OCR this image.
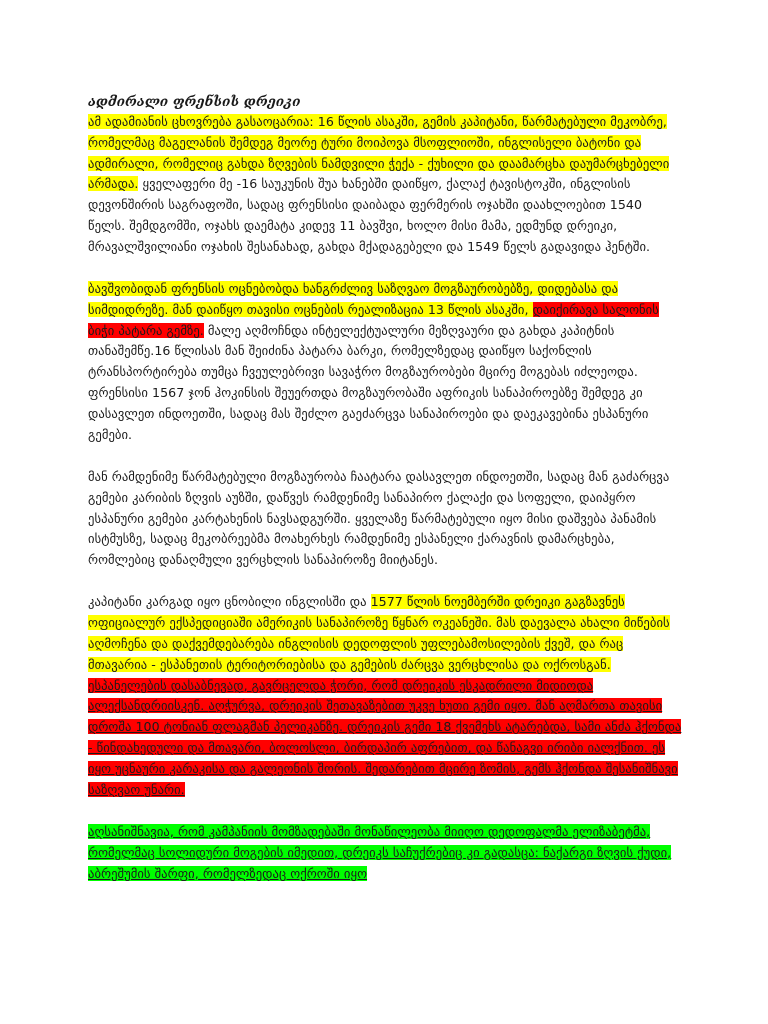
ადმირალი ფრენსის დრეიკი

ამ ადამიანის ცხოვრება გასაოცარია: 16 წლის ასაკში, გემის კაპიტანი, წარმატებული მეკობრე, რომელმაც მაგელანის შემდეგ მეორე ტური მოიპოვა მსოფლიოში, ინგლისელი ბატონი და ადმირალი, რომელიც გახდა ზღვების ნამდვილი ჭექა - ქუხილი და დაამარცხა დაუმარცხებელი არმადა. ყველაფერი მე -16 საუკუნის შუა ხანებში დაიწყო, ქალაქ ტავისტოკში, ინგლისის დევონშირის საგრაფოში, სადაც ფრენსისი დაიბადა ფერმერის ოჯახში დაახლოებით 1540 წელს. შემდგომში, ოჯახს დაემატა კიდევ 11 ბავშვი, ხოლო მისი მამა, ედმუნდ დრეიკი, მრავალშვილიანი ოჯახის შესანახად, გახდა მქადაგებელი და 1549 წელს გადავიდა ჰენტში.

ბავშვობიდან ფრენსის ოცნებობდა ხანგრძლივ საზღვაო მოგზაურობებზე, დიდებასა და სიმდიდრეზე. მან დაიწყო თავისი ოცნების რეალიზაცია 13 წლის ასაკში, დაიქირავა სალონის ბიჭი პატარა გემზე. მალე აღმოჩნდა ინტელექტუალური მეზღვაური და გახდა კაპიტნის თანაშემწე.16 წლისას მან შეიძინა პატარა ბარკი, რომელზედაც დაიწყო საქონლის ტრანსპორტირება თუმცა ჩვეულებრივი სავაჭრო მოგზაურობები მცირე მოგებას იძლეოდა. ფრენსისი 1567 ჯონ ჰოკინსის შეუერთდა მოგზაურობაში აფრიკის სანაპიროებზე შემდეგ კი დასავლეთ ინდოეთში, სადაც მას შეძლო გაეძარცვა სანაპიროები და დაეკავებინა ესპანური გემები.

მან რამდენიმე წარმატებული მოგზაურობა ჩაატარა დასავლეთ ინდოეთში, სადაც მან გაძარცვა გემები კარიბის ზღვის აუზში, დაწვეს რამდენიმე სანაპირო ქალაქი და სოფელი, დაიპყრო ესპანური გემები კარტახენის ნავსადგურში. ყველაზე წარმატებული იყო მისი დაშვება პანამის ისტმუსზე, სადაც მეკობრეებმა მოახერხეს რამდენიმე ესპანელი ქარავნის დამარცხება, რომლებიც დანაღმული ვერცხლის სანაპიროზე მიიტანეს.

კაპიტანი კარგად იყო ცნობილი ინგლისში და 1577 წლის ნოემბერში დრეიკი გაგზავნეს ოფიციალურ ექსპედიციაში ამერიკის სანაპიროზე წყნარ ოკეანეში. მას დაევალა ახალი მიწების აღმოჩენა და დაქვემდებარება ინგლისის დედოფლის უფლებამოსილების ქვეშ, და რაც მთავარია - ესპანეთის ტერიტორიებისა და გემების ძარცვა ვერცხლისა და ოქროსგან. ესპანელების დასაბნევად, გავრცელდა ჭორი, რომ დრეიკის ესკადრილი მიდიოდა ალექსანდრიისკენ. აღჭურვა, დრეიკის შეთავაზებით უკვე ხუთი გემი იყო. მან აღმართა თავისი დროშა 100 ტონიან ფლაგმან პელიკანზე. დრეიკის გემი 18 ქვემეხს ატარებდა, სამი ანძა ჰქონდა - წინდახედული და მთავარი, ბოლოსლი, ბირდაპირ აფრებით, და წანაგვი ირიბი იალქნით. ეს იყო უცნაური კარაკისა და გალეონის შორის. შედარებით მცირე ზომის, გემს ჰქონდა შესანიშნავი საზღვაო უნარი.

აღსანიშნავია, რომ კამპანიის მომზადებაში მონაწილეობა მიიღო დედოფალმა ელიზაბეტმა, რომელმაც სოლიდური მოგების იმედით, დრეიკს საჩუქრებიც კი გადასცა: ნაქარგი ზღვის ქუდი, აბრეშუმის შარფი, რომელზედაც ოქროში იყო
